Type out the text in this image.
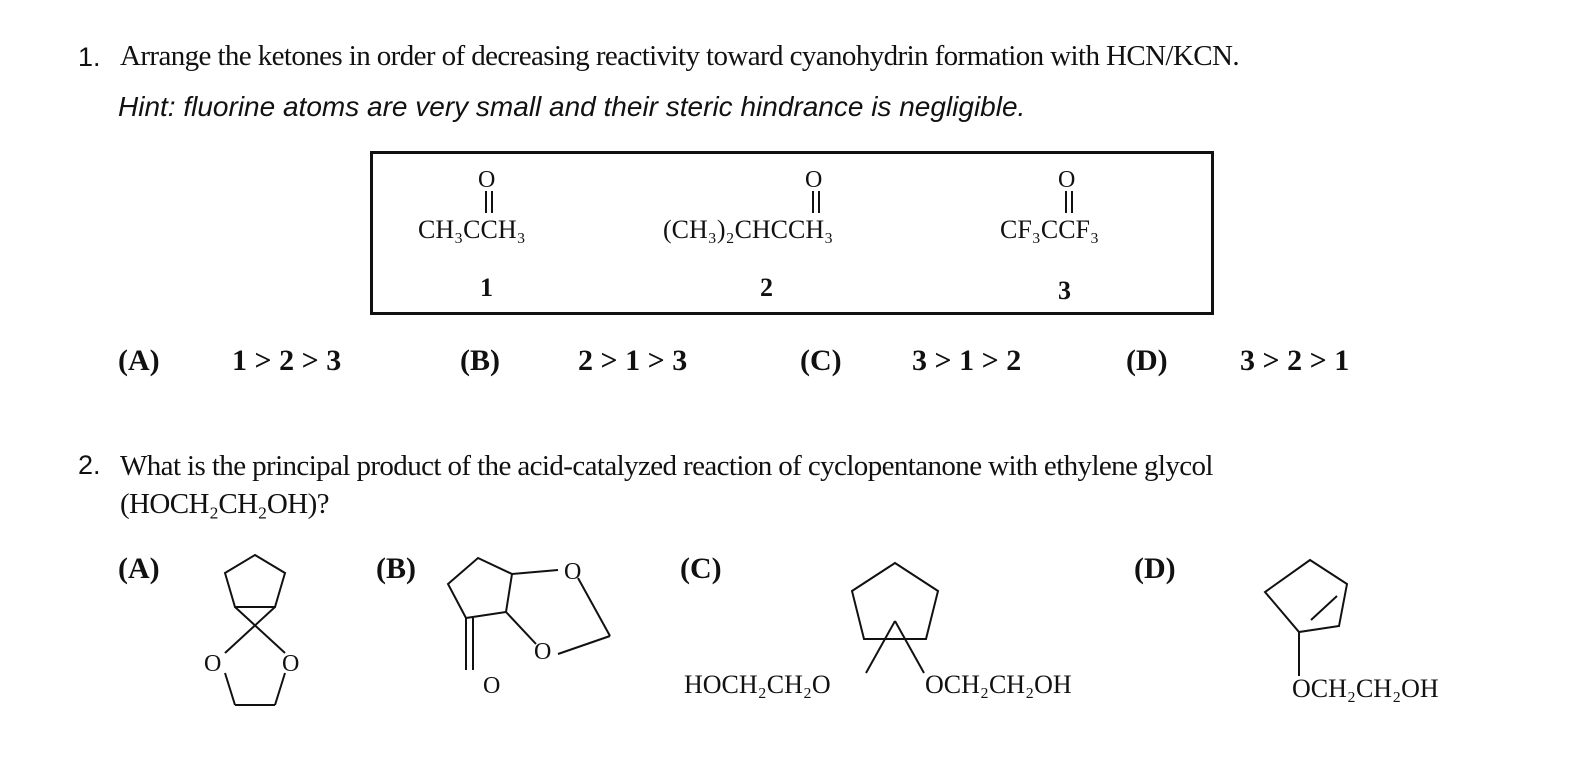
1. Arrange the ketones in order of decreasing reactivity toward cyanohydrin formation with HCN/KCN.
Hint: fluorine atoms are very small and their steric hindrance is negligible.
O
CH₃CCH₃
1
O
(CH₃)₂CHCCH₃
2
O
CF₃CCF₃
3
(A) 1 > 2 > 3	(B)	2 > 1 > 3	(C) 3 > 1 > 2	(D) 3 > 2 > 1
2. What is the principal product of the acid-catalyzed reaction of cyclopentanone with ethylene glycol
(HOCH₂CH₂OH)?
(A)
O	O
(B)	O
O
O
(C)
HOCH₂CH₂O	OCH₂CH₂OH
(D)
OCH₂CH₂OH
